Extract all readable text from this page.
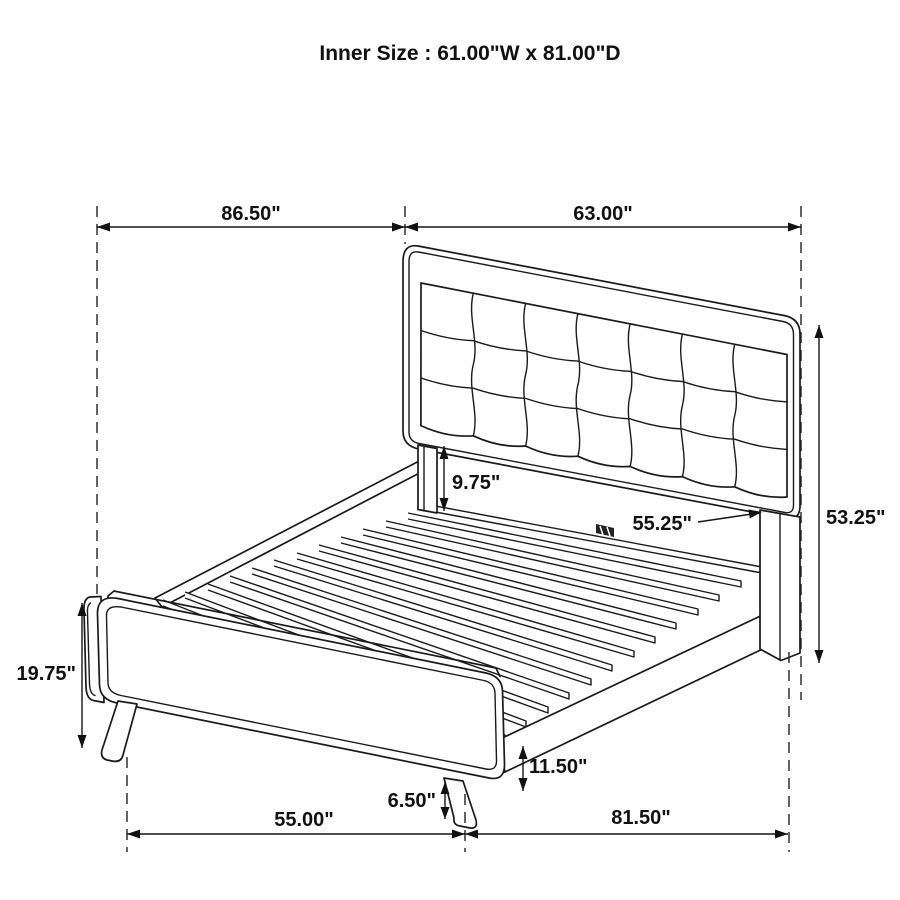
Inner Size : 61.00"W x 81.00"D
86.50"	63.00"
53.25"
9.75"
55.25"
19.75"
11.50"
6.50"
55.00"	81.50"
